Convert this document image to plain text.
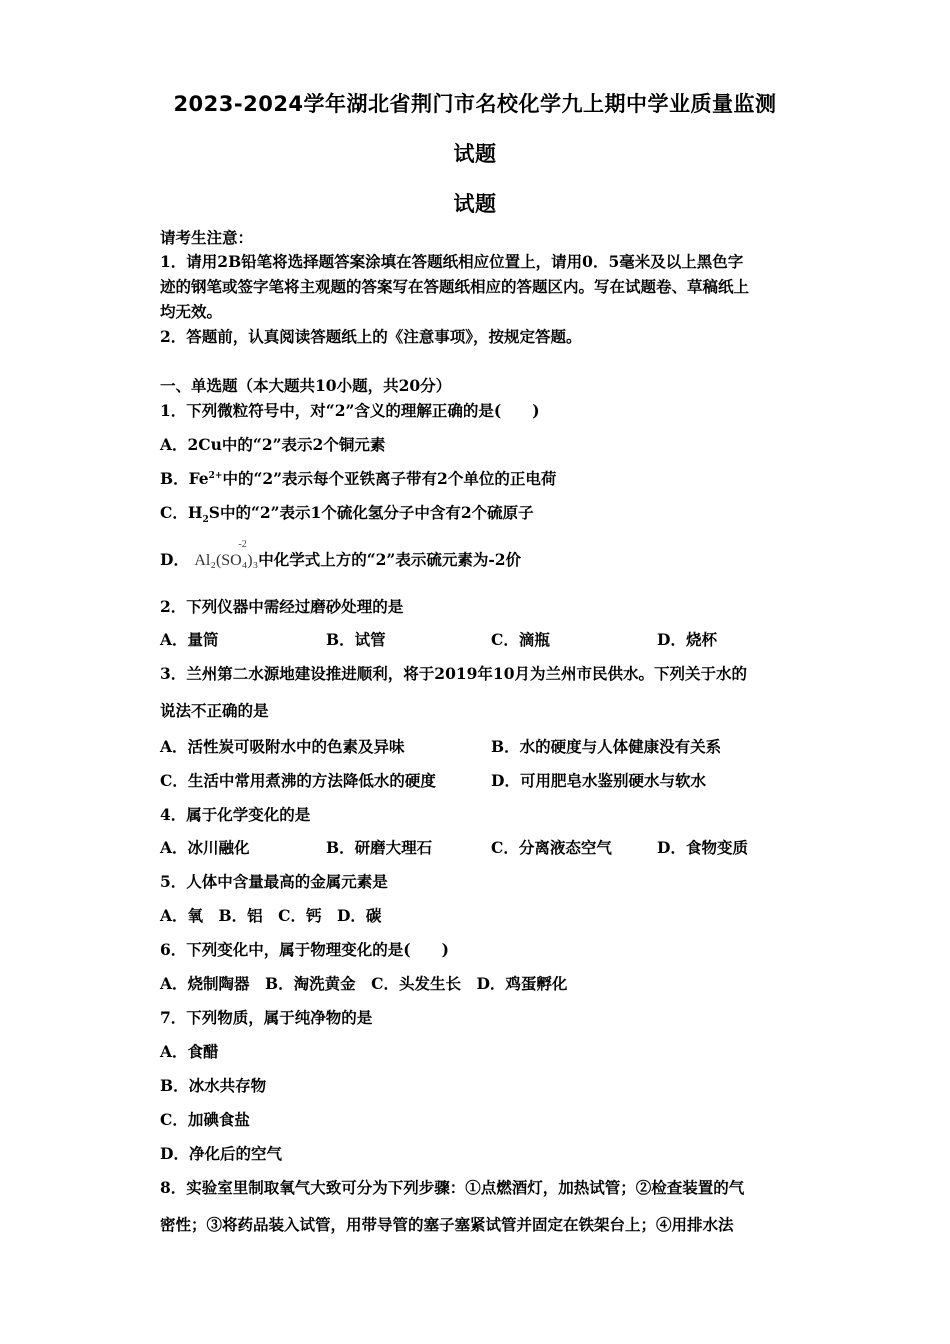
2023-2024学年湖北省荆门市名校化学九上期中学业质量监测
试题
试题
请考生注意：
1．请用2B铅笔将选择题答案涂填在答题纸相应位置上，请用0．5毫米及以上黑色字
迹的钢笔或签字笔将主观题的答案写在答题纸相应的答题区内。写在试题卷、草稿纸上
均无效。
2．答题前，认真阅读答题纸上的《注意事项》，按规定答题。
一、单选题（本大题共10小题，共20分）
1．下列微粒符号中，对“2”含义的理解正确的是(　　)
A．2Cu中的“2”表示2个铜元素
B．$Fe^{2+}$中的“2”表示每个亚铁离子带有2个单位的正电荷
C．$H_2S$中的“2”表示1个硫化氢分子中含有2个硫原子
D．
-2
Al₂(SO₄)₃中化学式上方的“2”表示硫元素为-2价
2．下列仪器中需经过磨砂处理的是
A．量筒	B．试管	C．滴瓶	D．烧杯
3．兰州第二水源地建设推进顺利，将于2019年10月为兰州市民供水。下列关于水的
说法不正确的是
A．活性炭可吸附水中的色素及异味	B．水的硬度与人体健康没有关系
C．生活中常用煮沸的方法降低水的硬度	D．可用肥皂水鉴别硬水与软水
4．属于化学变化的是
A．冰川融化	B．研磨大理石	C．分离液态空气	D．食物变质
5．人体中含量最高的金属元素是
A．氧　B．铝　C．钙　D．碳
6．下列变化中，属于物理变化的是(　　)
A．烧制陶器　B．淘洗黄金　C．头发生长　D．鸡蛋孵化
7．下列物质，属于纯净物的是
A．食醋
B．冰水共存物
C．加碘食盐
D．净化后的空气
8．实验室里制取氧气大致可分为下列步骤：①点燃酒灯，加热试管；②检查装置的气
密性；③将药品装入试管，用带导管的塞子塞紧试管并固定在铁架台上；④用排水法
